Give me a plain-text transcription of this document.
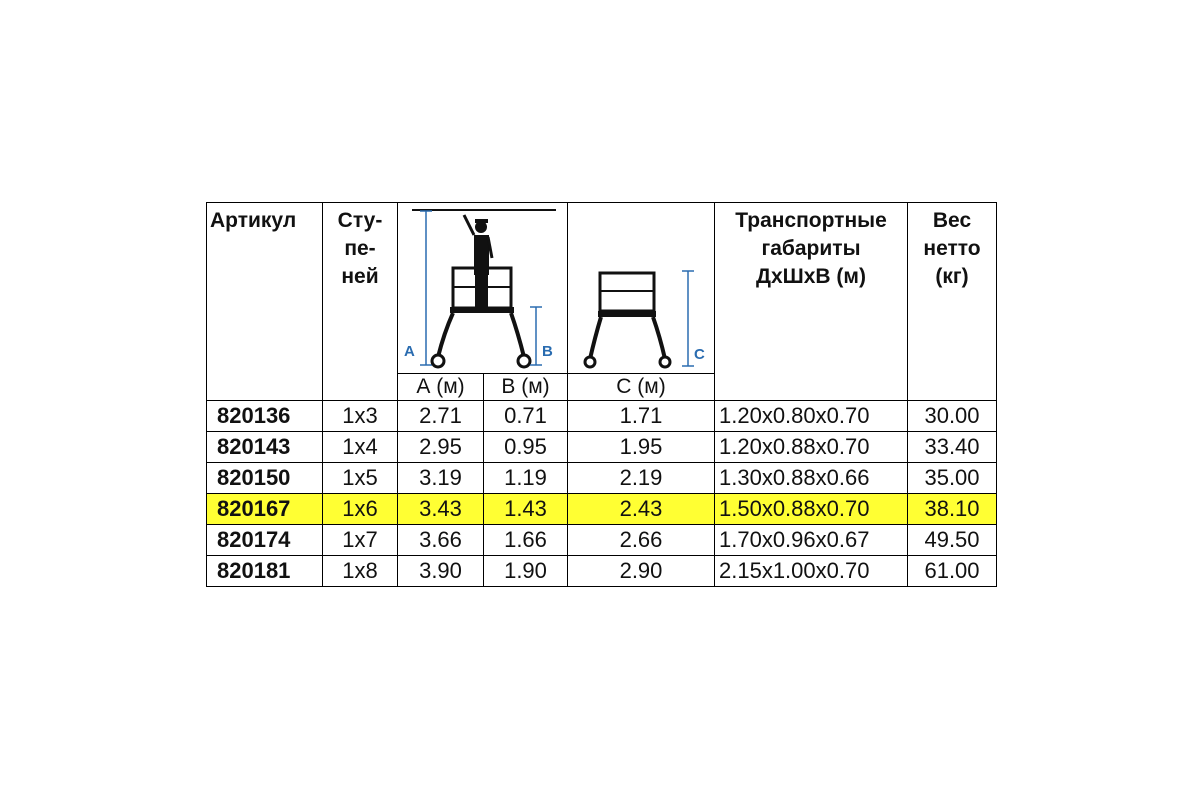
Артикул	Сту-
пе-
ней	A B		C	Транспортные
габариты
ДхШхВ (м)	Вес
нетто
(кг)

		А (м)	В (м)	С (м)		
820136	1x3	2.71	0.71	1.71	1.20x0.80x0.70	30.00
820143	1x4	2.95	0.95	1.95	1.20x0.88x0.70	33.40
820150	1x5	3.19	1.19	2.19	1.30x0.88x0.66	35.00
820167	1x6	3.43	1.43	2.43	1.50x0.88x0.70	38.10
820174	1x7	3.66	1.66	2.66	1.70x0.96x0.67	49.50
820181	1x8	3.90	1.90	2.90	2.15x1.00x0.70	61.00
